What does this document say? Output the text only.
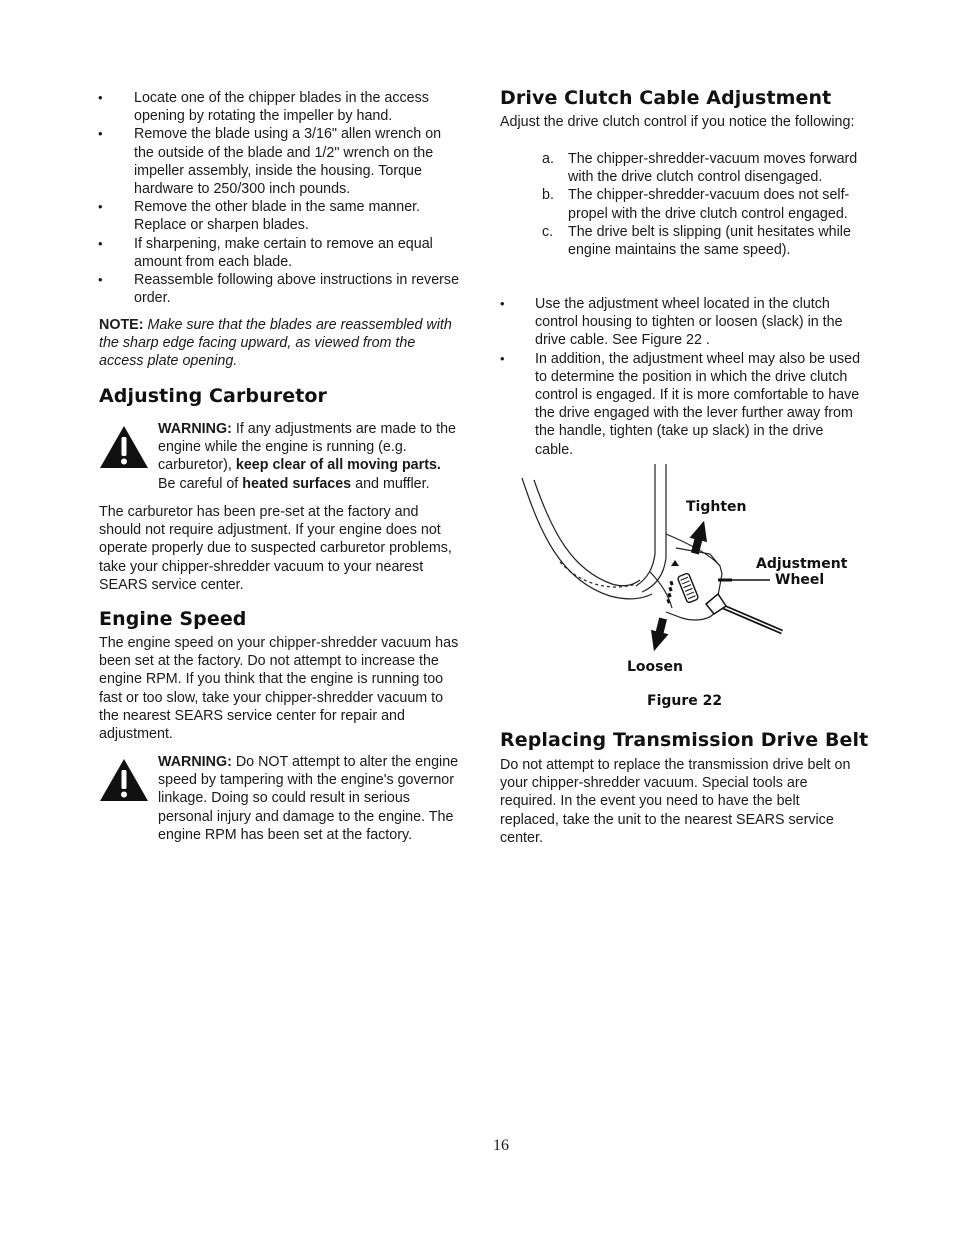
• Locate one of the chipper blades in the access opening by rotating the impeller by hand.
• Remove the blade using a 3/16" allen wrench on the outside of the blade and 1/2" wrench on the impeller assembly, inside the housing. Torque hardware to 250/300 inch pounds.
• Remove the other blade in the same manner. Replace or sharpen blades.
• If sharpening, make certain to remove an equal amount from each blade.
• Reassemble following above instructions in reverse order.
NOTE: Make sure that the blades are reassembled with the sharp edge facing upward, as viewed from the access plate opening.
Adjusting Carburetor
WARNING: If any adjustments are made to the engine while the engine is running (e.g. carburetor), keep clear of all moving parts. Be careful of heated surfaces and muffler.
The carburetor has been pre-set at the factory and should not require adjustment. If your engine does not operate properly due to suspected carburetor problems, take your chipper-shredder vacuum to your nearest SEARS service center.
Engine Speed
The engine speed on your chipper-shredder vacuum has been set at the factory. Do not attempt to increase the engine RPM. If you think that the engine is running too fast or too slow, take your chipper-shredder vacuum to the nearest SEARS service center for repair and adjustment.
WARNING: Do NOT attempt to alter the engine speed by tampering with the engine's governor linkage. Doing so could result in serious personal injury and damage to the engine. The engine RPM has been set at the factory.
Drive Clutch Cable Adjustment
Adjust the drive clutch control if you notice the following:
a. The chipper-shredder-vacuum moves forward with the drive clutch control disengaged.
b. The chipper-shredder-vacuum does not self-propel with the drive clutch control engaged.
c. The drive belt is slipping (unit hesitates while engine maintains the same speed).
• Use the adjustment wheel located in the clutch control housing to tighten or loosen (slack) in the drive cable. See Figure 22 .
• In addition, the adjustment wheel may also be used to determine the position in which the drive clutch control is engaged. If it is more comfortable to have the drive engaged with the lever further away from the handle, tighten (take up slack) in the drive cable.
Tighten
Adjustment
Wheel
Loosen
Figure 22
Replacing Transmission Drive Belt
Do not attempt to replace the transmission drive belt on your chipper-shredder vacuum. Special tools are required. In the event you need to have the belt replaced, take the unit to the nearest SEARS service center.
16
